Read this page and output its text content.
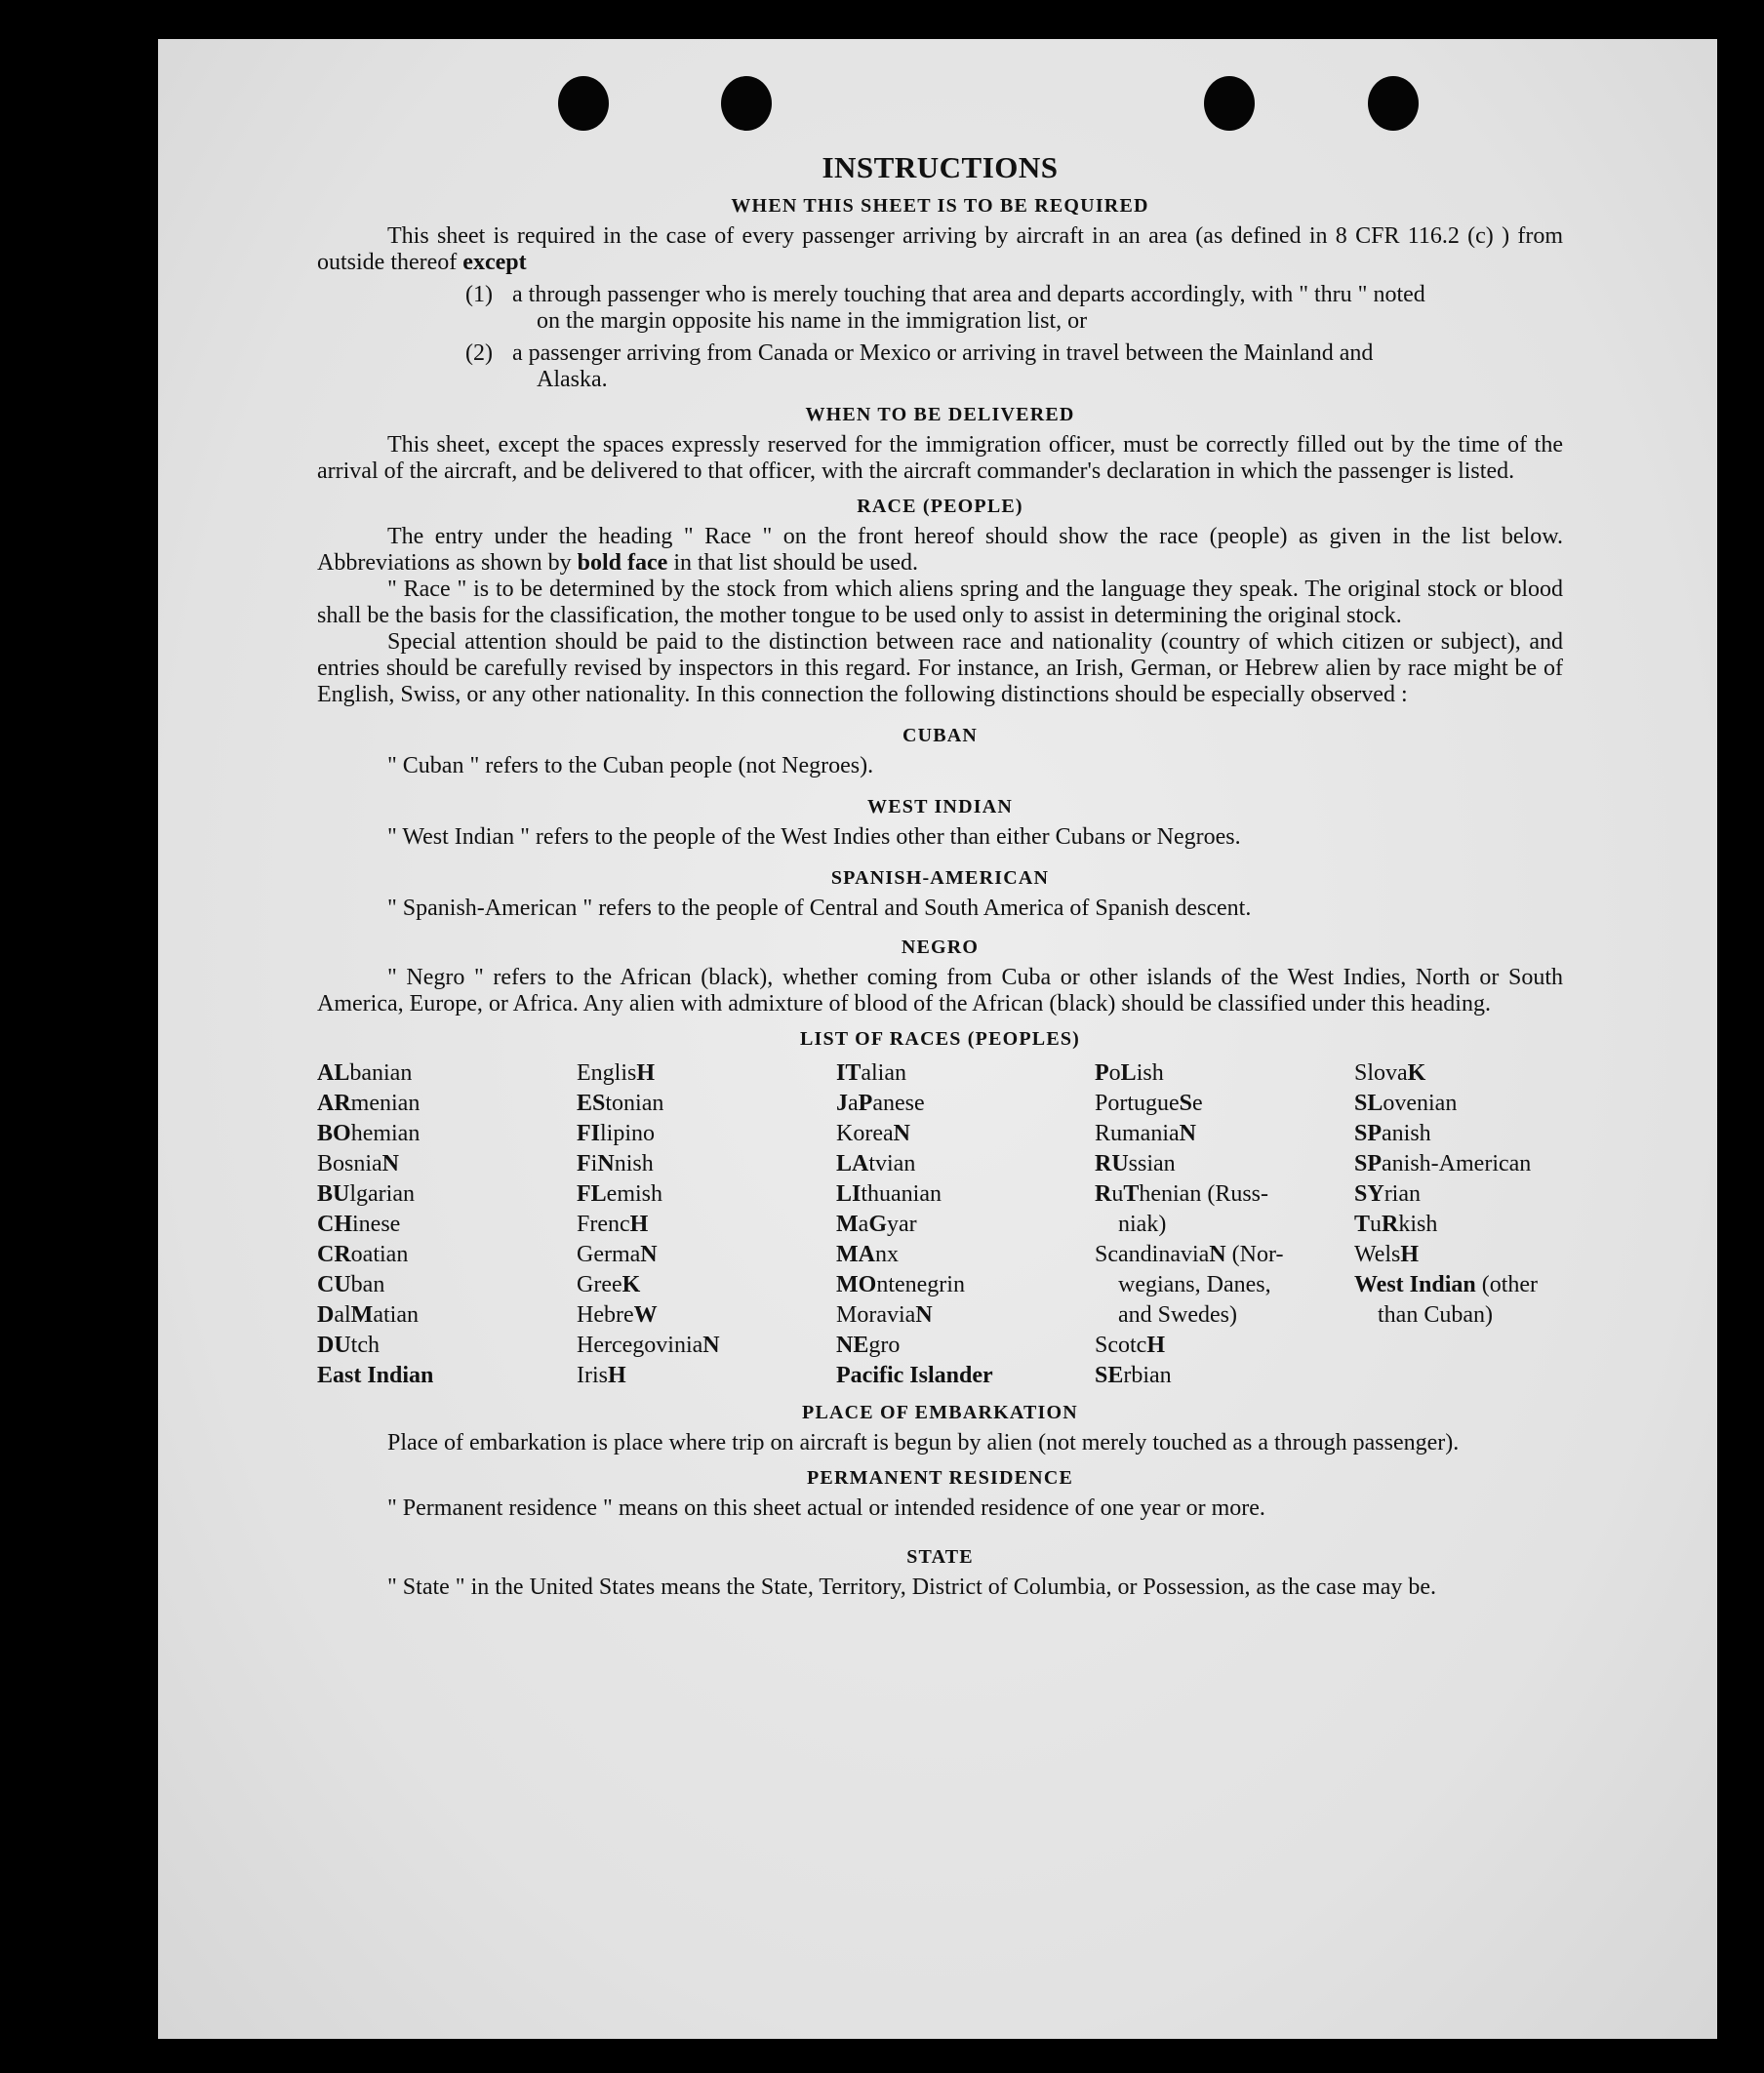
INSTRUCTIONS
WHEN THIS SHEET IS TO BE REQUIRED

This sheet is required in the case of every passenger arriving by aircraft in an area (as defined in 8 CFR 116.2 (c) ) from outside thereof except

(1) a through passenger who is merely touching that area and departs accordingly, with " thru " noted
on the margin opposite his name in the immigration list, or
(2) a passenger arriving from Canada or Mexico or arriving in travel between the Mainland and
Alaska.
WHEN TO BE DELIVERED

This sheet, except the spaces expressly reserved for the immigration officer, must be correctly filled out by the time of the arrival of the aircraft, and be delivered to that officer, with the aircraft commander's declaration in which the passenger is listed.

RACE (PEOPLE)

The entry under the heading " Race " on the front hereof should show the race (people) as given in the list below. Abbreviations as shown by bold face in that list should be used.

" Race " is to be determined by the stock from which aliens spring and the language they speak. The original stock or blood shall be the basis for the classification, the mother tongue to be used only to assist in determining the original stock.

Special attention should be paid to the distinction between race and nationality (country of which citizen or subject), and entries should be carefully revised by inspectors in this regard. For instance, an Irish, German, or Hebrew alien by race might be of English, Swiss, or any other nationality. In this connection the following distinctions should be especially observed :

CUBAN

" Cuban " refers to the Cuban people (not Negroes).

WEST INDIAN

" West Indian " refers to the people of the West Indies other than either Cubans or Negroes.

SPANISH-AMERICAN

" Spanish-American " refers to the people of Central and South America of Spanish descent.

NEGRO

" Negro " refers to the African (black), whether coming from Cuba or other islands of the West Indies, North or South America, Europe, or Africa. Any alien with admixture of blood of the African (black) should be classified under this heading.

LIST OF RACES (PEOPLES)
ALbanian
ARmenian
BOhemian
BosniaN
BUlgarian
CHinese
CRoatian
CUban
DalMatian
DUtch
East Indian
EnglisH
EStonian
FIlipino
FiNnish
FLemish
FrencH
GermaN
GreeK
HebreW
HercegoviniaN
IrisH
ITalian
JaPanese
KoreaN
LAtvian
LIthuanian
MaGyar
MAnx
MOntenegrin
MoraviaN
NEgro
Pacific Islander
PoLish
PortugueSe
RumaniaN
RUssian
RuThenian (Russ-
niak)
ScandinaviaN (Nor-
wegians, Danes,
and Swedes)
ScotcH
SErbian
SlovaK
SLovenian
SPanish
SPanish-American
SYrian
TuRkish
WelsH
West Indian (other
than Cuban)
PLACE OF EMBARKATION

Place of embarkation is place where trip on aircraft is begun by alien (not merely touched as a through passenger).

PERMANENT RESIDENCE

" Permanent residence " means on this sheet actual or intended residence of one year or more.

STATE

" State " in the United States means the State, Territory, District of Columbia, or Possession, as the case may be.
